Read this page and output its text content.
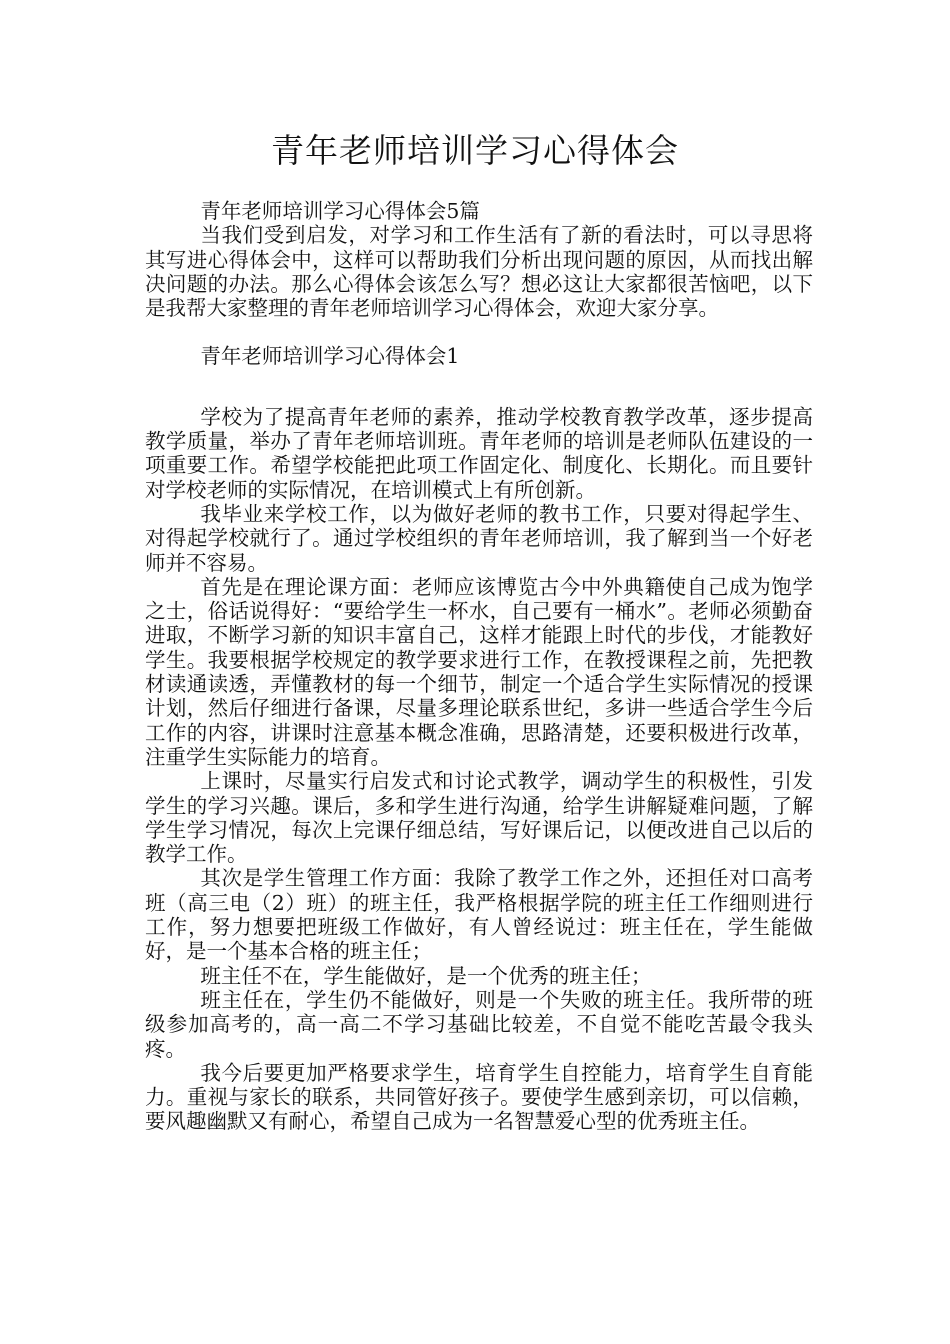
青年老师培训学习心得体会

青年老师培训学习心得体会5篇

当我们受到启发，对学习和工作生活有了新的看法时，可以寻思将其写进心得体会中，这样可以帮助我们分析出现问题的原因，从而找出解决问题的办法。那么心得体会该怎么写？想必这让大家都很苦恼吧，以下是我帮大家整理的青年老师培训学习心得体会，欢迎大家分享。

青年老师培训学习心得体会1

学校为了提高青年老师的素养，推动学校教育教学改革，逐步提高教学质量，举办了青年老师培训班。青年老师的培训是老师队伍建设的一项重要工作。希望学校能把此项工作固定化、制度化、长期化。而且要针对学校老师的实际情况，在培训模式上有所创新。

我毕业来学校工作，以为做好老师的教书工作，只要对得起学生、对得起学校就行了。通过学校组织的青年老师培训，我了解到当一个好老师并不容易。

首先是在理论课方面：老师应该博览古今中外典籍使自己成为饱学之士，俗话说得好：“要给学生一杯水，自己要有一桶水”。老师必须勤奋进取，不断学习新的知识丰富自己，这样才能跟上时代的步伐，才能教好学生。我要根据学校规定的教学要求进行工作，在教授课程之前，先把教材读通读透，弄懂教材的每一个细节，制定一个适合学生实际情况的授课计划，然后仔细进行备课，尽量多理论联系世纪，多讲一些适合学生今后工作的内容，讲课时注意基本概念准确，思路清楚，还要积极进行改革，注重学生实际能力的培育。

上课时，尽量实行启发式和讨论式教学，调动学生的积极性，引发学生的学习兴趣。课后，多和学生进行沟通，给学生讲解疑难问题，了解学生学习情况，每次上完课仔细总结，写好课后记，以便改进自己以后的教学工作。

其次是学生管理工作方面：我除了教学工作之外，还担任对口高考班（高三电（2）班）的班主任，我严格根据学院的班主任工作细则进行工作，努力想要把班级工作做好，有人曾经说过：班主任在，学生能做好，是一个基本合格的班主任；

班主任不在，学生能做好，是一个优秀的班主任；

班主任在，学生仍不能做好，则是一个失败的班主任。我所带的班级参加高考的，高一高二不学习基础比较差，不自觉不能吃苦最令我头疼。

我今后要更加严格要求学生，培育学生自控能力，培育学生自育能力。重视与家长的联系，共同管好孩子。要使学生感到亲切，可以信赖，要风趣幽默又有耐心，希望自己成为一名智慧爱心型的优秀班主任。
